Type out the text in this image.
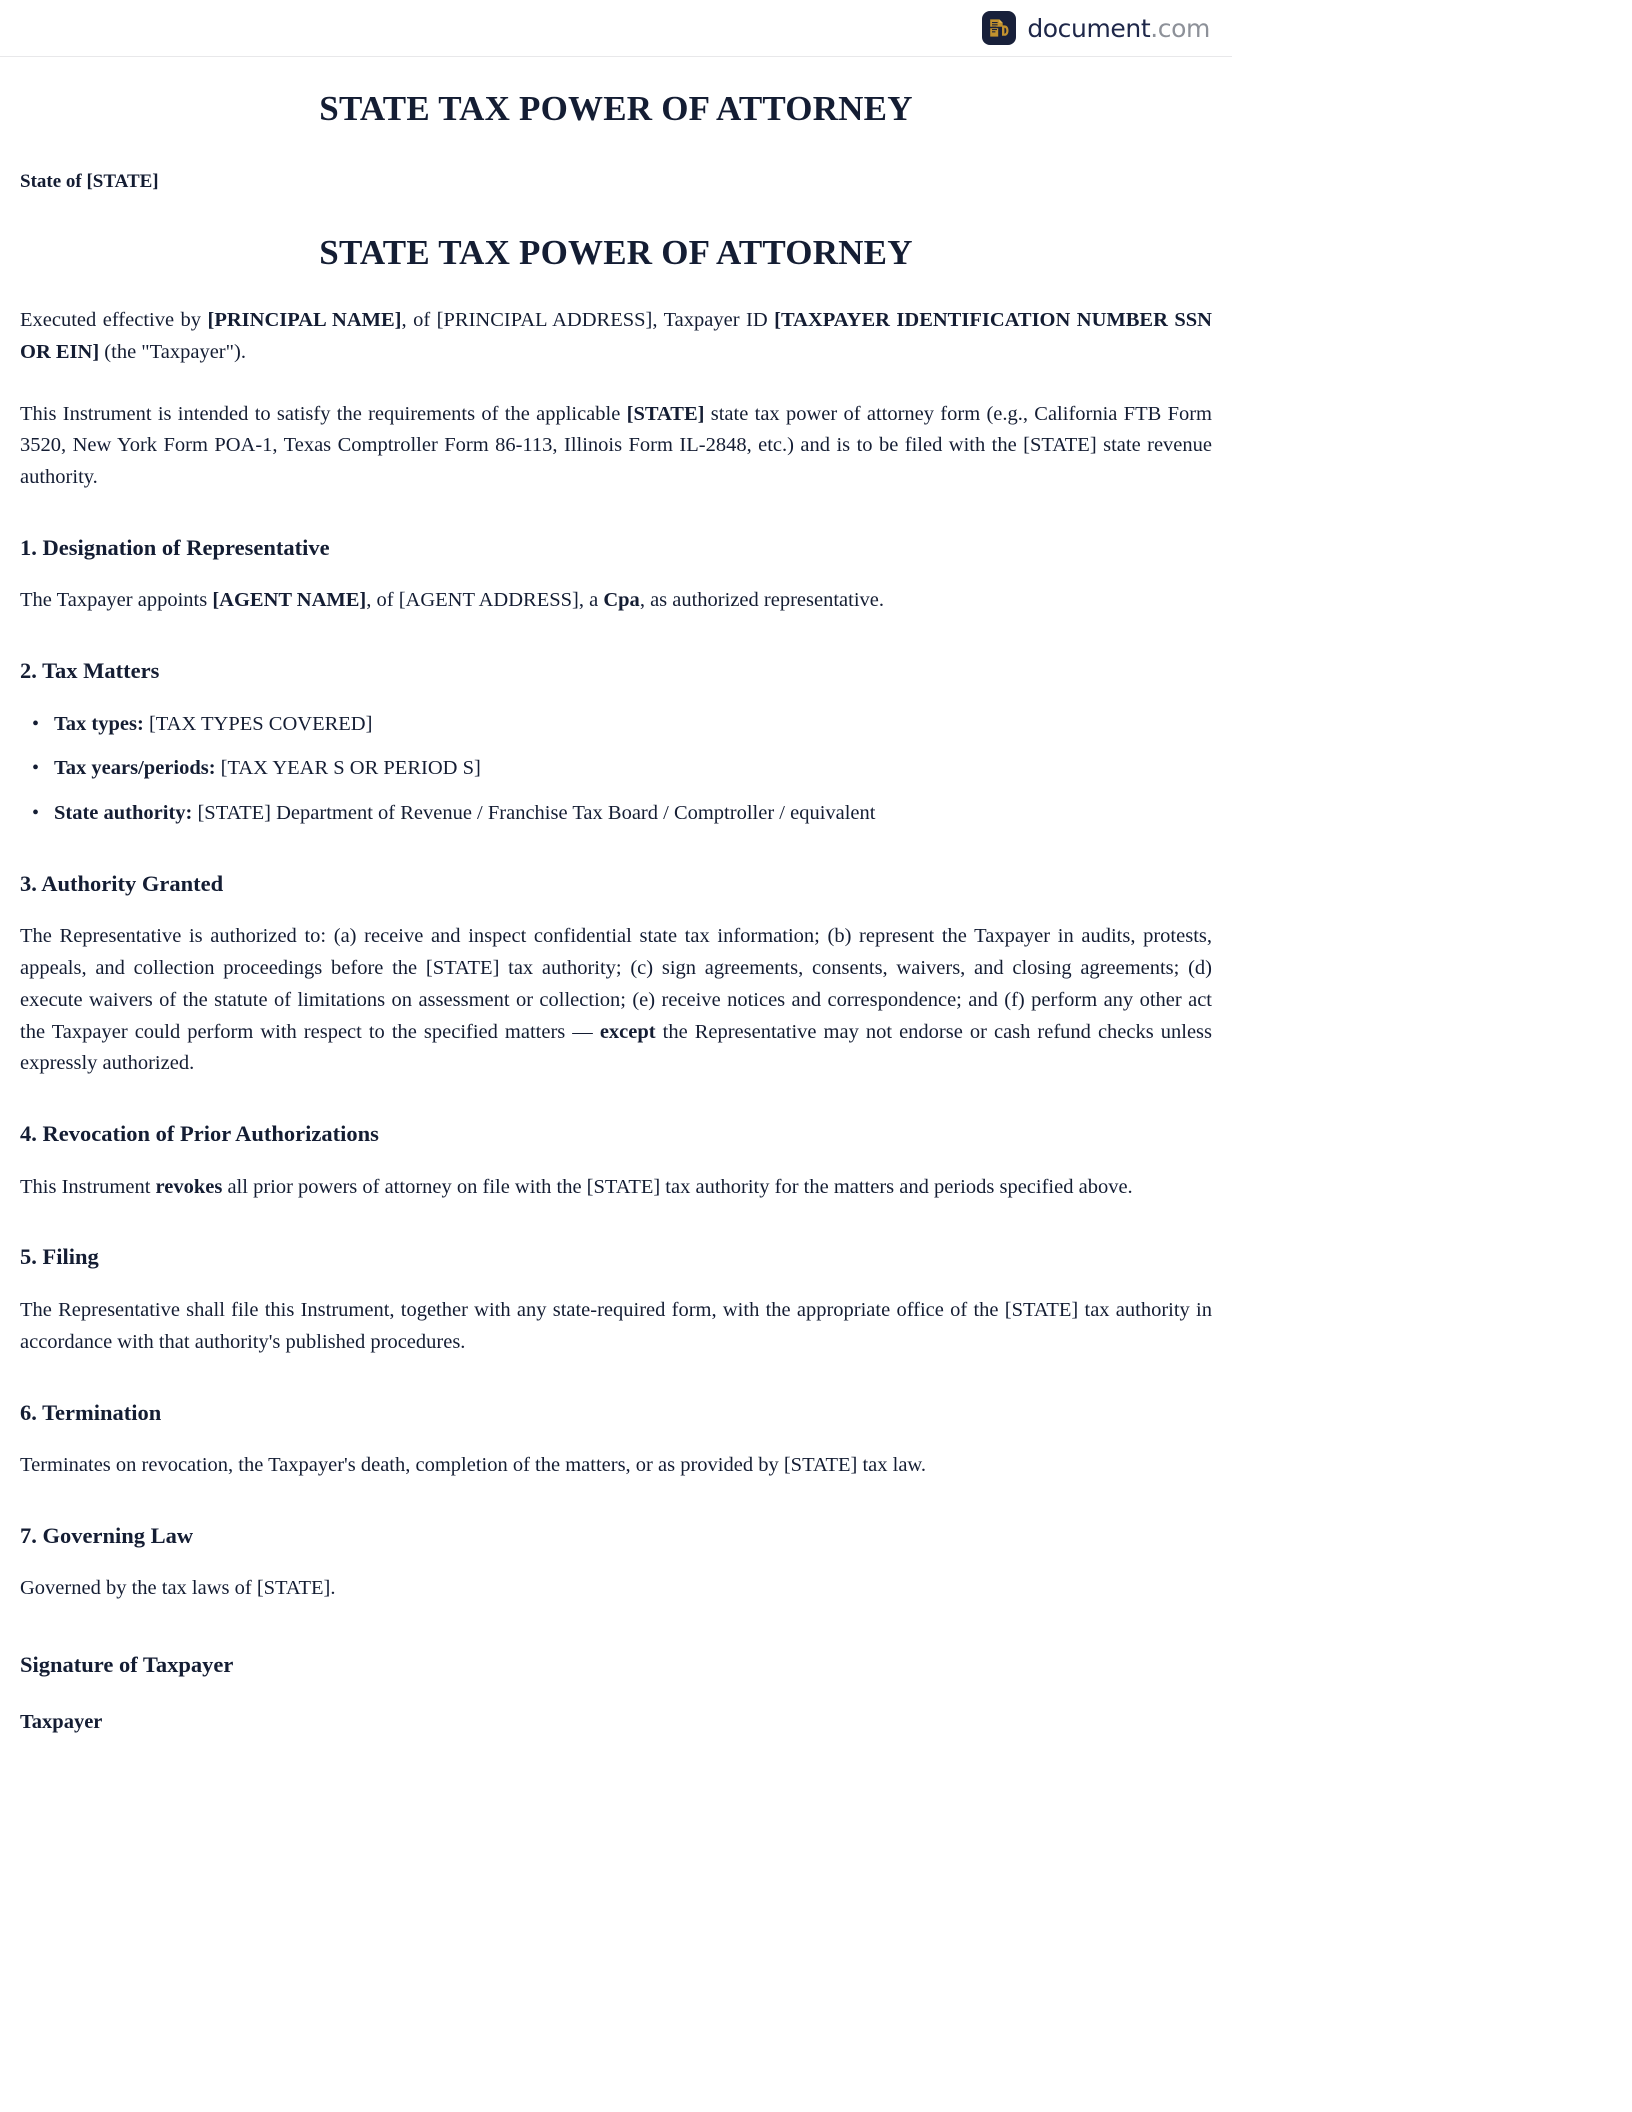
document.com
STATE TAX POWER OF ATTORNEY

State of [STATE]

STATE TAX POWER OF ATTORNEY

Executed effective by [PRINCIPAL NAME], of [PRINCIPAL ADDRESS], Taxpayer ID [TAXPAYER IDENTIFICATION NUMBER SSN OR EIN] (the "Taxpayer").

This Instrument is intended to satisfy the requirements of the applicable [STATE] state tax power of attorney form (e.g., California FTB Form 3520, New York Form POA-1, Texas Comptroller Form 86-113, Illinois Form IL-2848, etc.) and is to be filed with the [STATE] state revenue authority.

1. Designation of Representative

The Taxpayer appoints [AGENT NAME], of [AGENT ADDRESS], a Cpa, as authorized representative.

2. Tax Matters
• Tax types: [TAX TYPES COVERED]
• Tax years/periods: [TAX YEAR S OR PERIOD S]
• State authority: [STATE] Department of Revenue / Franchise Tax Board / Comptroller / equivalent
3. Authority Granted

The Representative is authorized to: (a) receive and inspect confidential state tax information; (b) represent the Taxpayer in audits, protests, appeals, and collection proceedings before the [STATE] tax authority; (c) sign agreements, consents, waivers, and closing agreements; (d) execute waivers of the statute of limitations on assessment or collection; (e) receive notices and correspondence; and (f) perform any other act the Taxpayer could perform with respect to the specified matters — except the Representative may not endorse or cash refund checks unless expressly authorized.

4. Revocation of Prior Authorizations

This Instrument revokes all prior powers of attorney on file with the [STATE] tax authority for the matters and periods specified above.

5. Filing

The Representative shall file this Instrument, together with any state-required form, with the appropriate office of the [STATE] tax authority in accordance with that authority's published procedures.

6. Termination

Terminates on revocation, the Taxpayer's death, completion of the matters, or as provided by [STATE] tax law.

7. Governing Law

Governed by the tax laws of [STATE].

Signature of Taxpayer
Taxpayer
